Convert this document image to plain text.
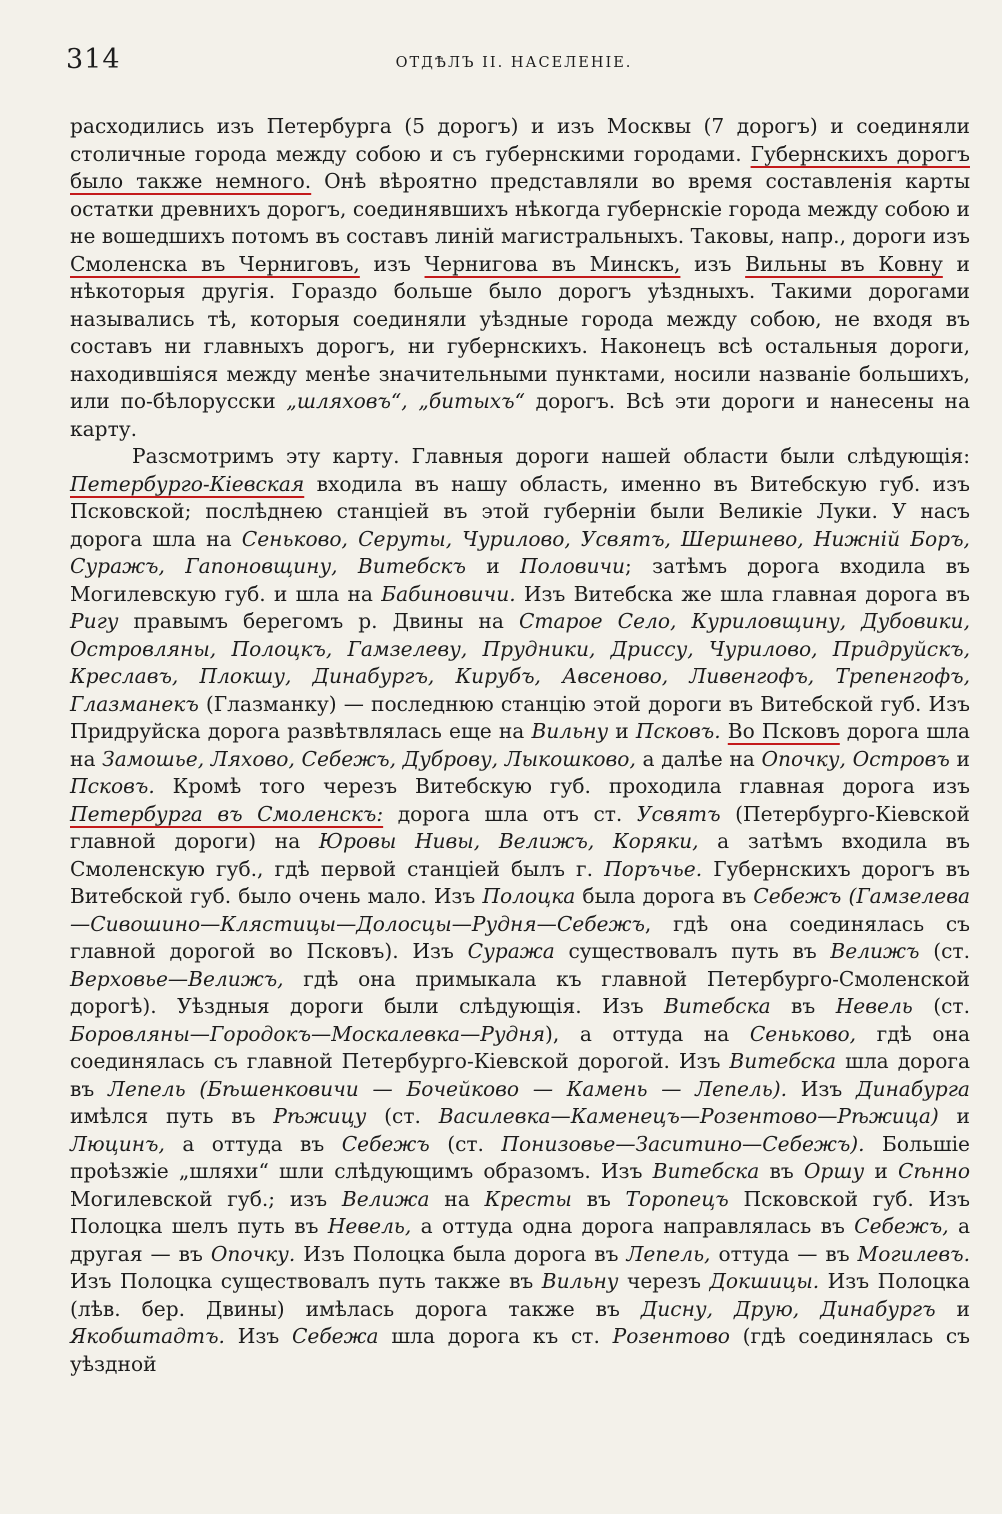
314	ОТДѢЛЪ II. НАСЕЛЕНІЕ.

расходились изъ Петербурга (5 дорогъ) и изъ Москвы (7 дорогъ) и соединяли столичные города между собою и съ губернскими городами. Губернскихъ дорогъ было также немного. Онѣ вѣроятно представляли во время составленія карты остатки древнихъ дорогъ, соединявшихъ нѣкогда губернскіе города между собою и не вошедшихъ потомъ въ составъ линій магистральныхъ. Таковы, напр., дороги изъ Смоленска въ Черниговъ, изъ Чернигова въ Минскъ, изъ Вильны въ Ковну и нѣкоторыя другія. Гораздо больше было дорогъ уѣздныхъ. Такими дорогами назывались тѣ, которыя соединяли уѣздные города между собою, не входя въ составъ ни главныхъ дорогъ, ни губернскихъ. Наконецъ всѣ остальныя дороги, находившіяся между менѣе значительными пунктами, носили названіе большихъ, или по-бѣлорусски „шляховъ“, „битыхъ“ дорогъ. Всѣ эти дороги и нанесены на карту.

Разсмотримъ эту карту. Главныя дороги нашей области были слѣдующія: Петербурго-Кіевская входила въ нашу область, именно въ Витебскую губ. изъ Псковской; послѣднею станціей въ этой губерніи были Великіе Луки. У насъ дорога шла на Сеньково, Серуты, Чурилово, Усвятъ, Шершнево, Нижній Боръ, Суражъ, Гапоновщину, Витебскъ и Половичи; затѣмъ дорога входила въ Могилевскую губ. и шла на Бабиновичи. Изъ Витебска же шла главная дорога въ Ригу правымъ берегомъ р. Двины на Старое Село, Куриловщину, Дубовики, Островляны, Полоцкъ, Гамзелеву, Прудники, Дриссу, Чурилово, Придруйскъ, Креславъ, Плокшу, Динабургъ, Кирубъ, Авсеново, Ливенгофъ, Трепенгофъ, Глазманекъ (Глазманку) — последнюю станцію этой дороги въ Витебской губ. Изъ Придруйска дорога развѣтвлялась еще на Вильну и Псковъ. Во Псковъ дорога шла на Замошье, Ляхово, Себежъ, Дуброву, Лыкошково, а далѣе на Опочку, Островъ и Псковъ. Кромѣ того черезъ Витебскую губ. проходила главная дорога изъ Петербурга въ Смоленскъ: дорога шла отъ ст. Усвятъ (Петербурго-Кіевской главной дороги) на Юровы Нивы, Велижъ, Коряки, а затѣмъ входила въ Смоленскую губ., гдѣ первой станціей былъ г. Поръчье. Губернскихъ дорогъ въ Витебской губ. было очень мало. Изъ Полоцка была дорога въ Себежъ (Гамзелева—Сивошино—Клястицы—Долосцы—Рудня—Себежъ, гдѣ она соединялась съ главной дорогой во Псковъ). Изъ Суража существовалъ путь въ Велижъ (ст. Верховье—Велижъ, гдѣ она примыкала къ главной Петербурго-Смоленской дорогѣ). Уѣздныя дороги были слѣдующія. Изъ Витебска въ Невель (ст. Боровляны—Городокъ—Москалевка—Рудня), а оттуда на Сеньково, гдѣ она соединялась съ главной Петербурго-Кіевской дорогой. Изъ Витебска шла дорога въ Лепель (Бѣшенковичи — Бочейково — Камень — Лепель). Изъ Динабурга имѣлся путь въ Рѣжицу (ст. Василевка—Каменецъ—Розентово—Рѣжица) и Люцинъ, а оттуда въ Себежъ (ст. Понизовье—Заситино—Себежъ). Большіе проѣзжіе „шляхи“ шли слѣдующимъ образомъ. Изъ Витебска въ Оршу и Сѣнно Могилевской губ.; изъ Велижа на Кресты въ Торопецъ Псковской губ. Изъ Полоцка шелъ путь въ Невель, а оттуда одна дорога направлялась въ Себежъ, а другая — въ Опочку. Изъ Полоцка была дорога въ Лепель, оттуда — въ Могилевъ. Изъ Полоцка существовалъ путь также въ Вильну черезъ Докшицы. Изъ Полоцка (лѣв. бер. Двины) имѣлась дорога также въ Дисну, Друю, Динабургъ и Якобштадтъ. Изъ Себежа шла дорога къ ст. Розентово (гдѣ соединялась съ уѣздной
